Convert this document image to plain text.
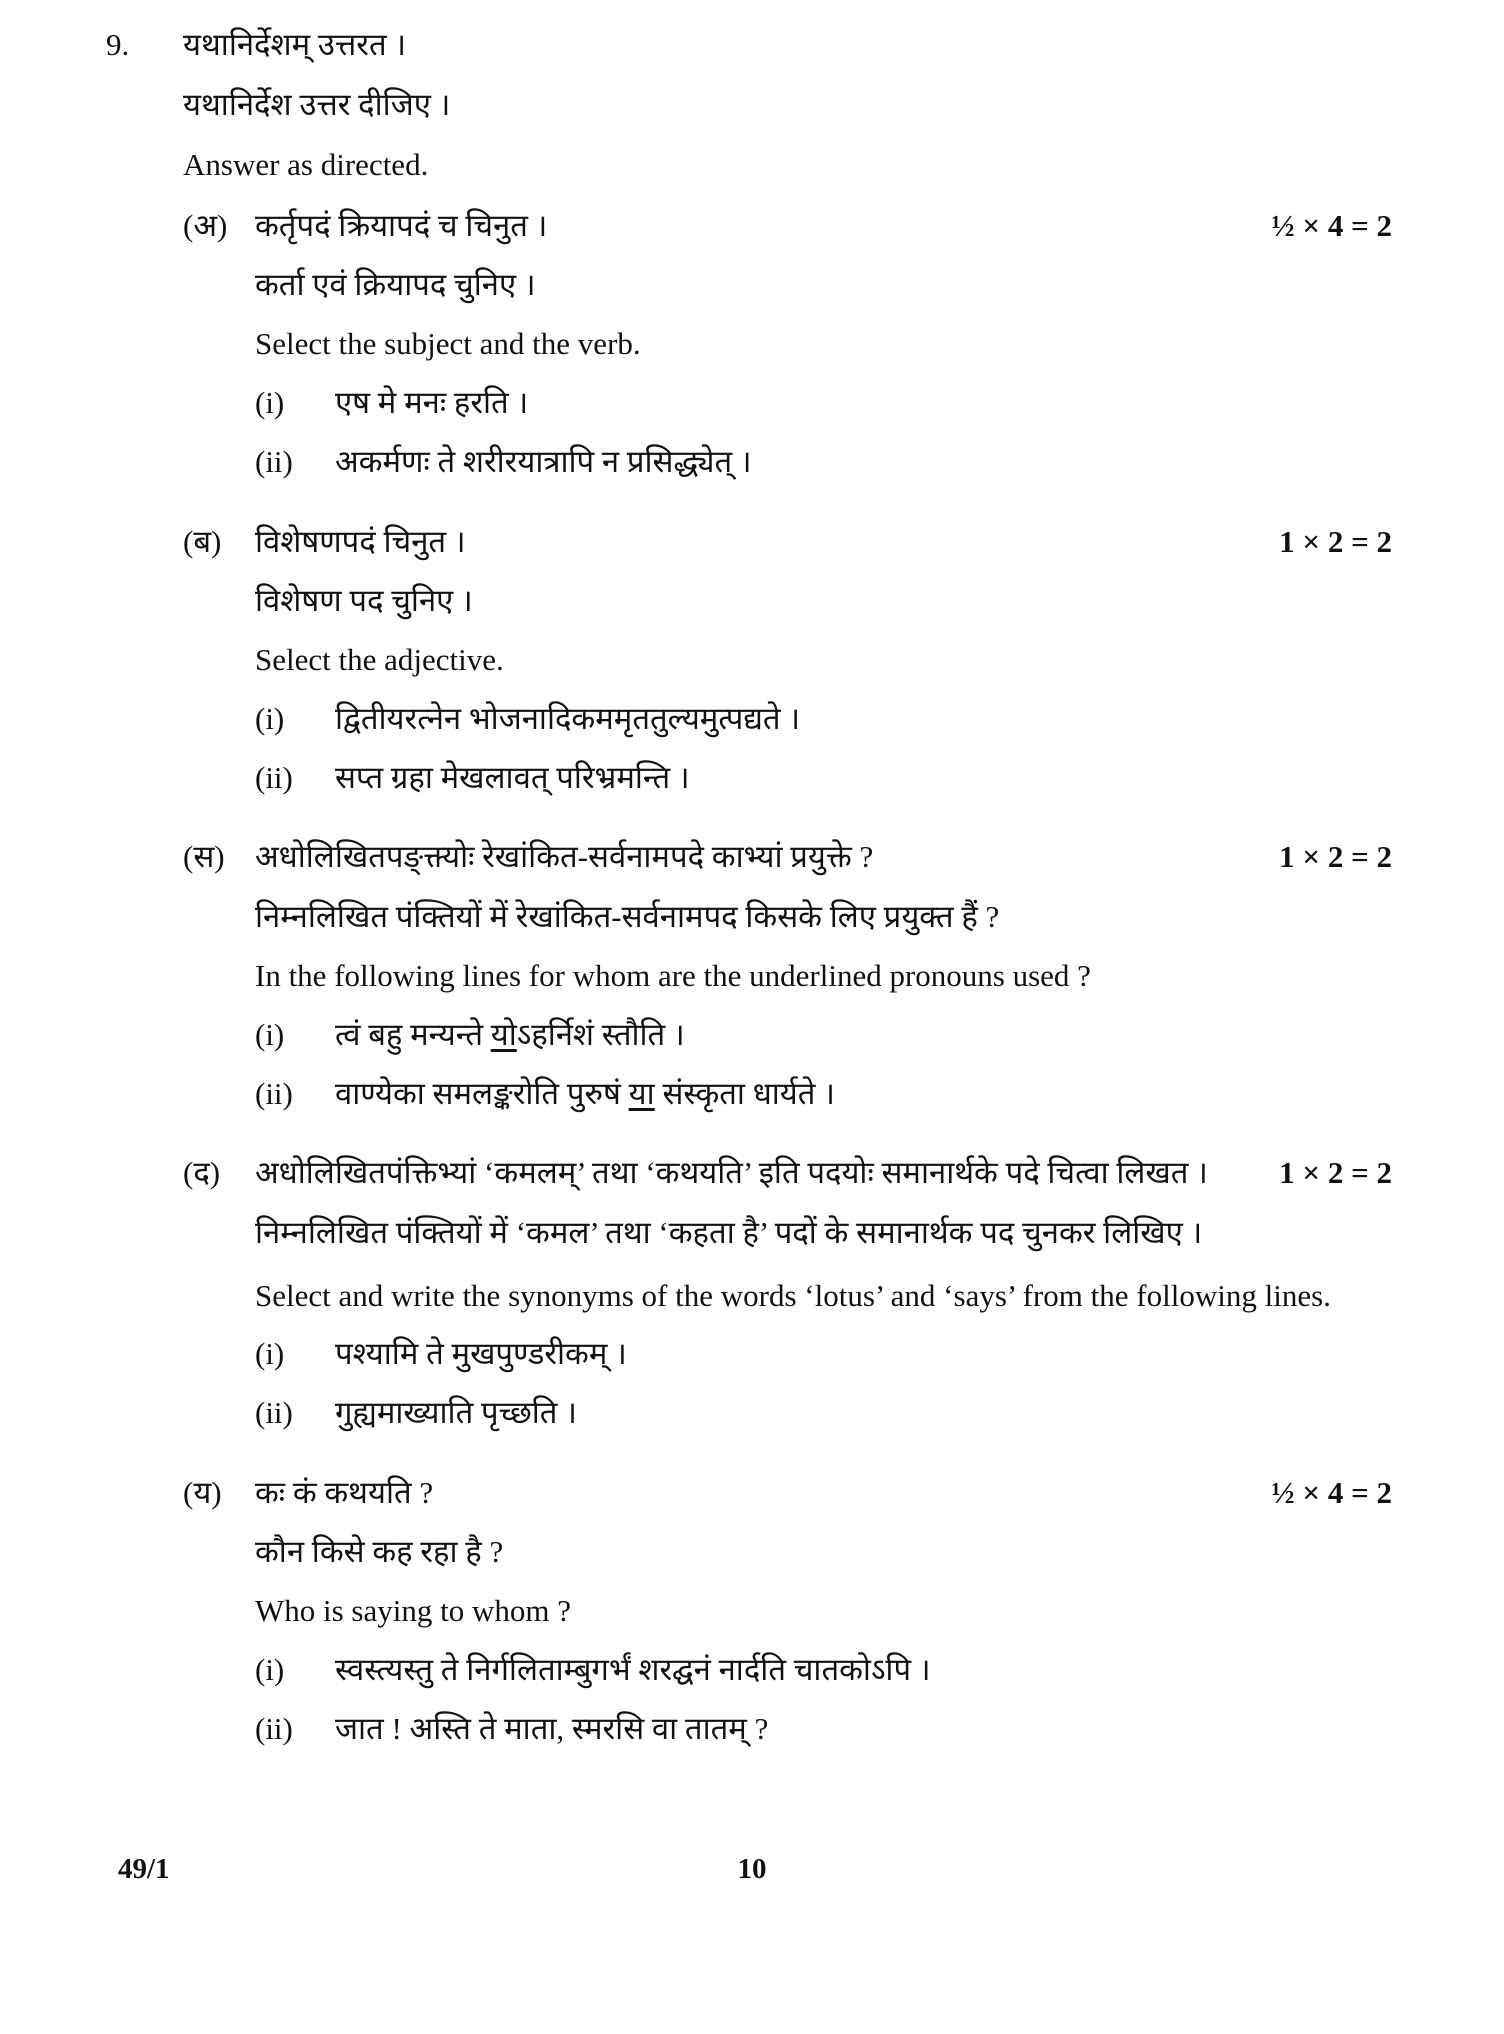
9.	यथानिर्देशम् उत्तरत ।

यथानिर्देश उत्तर दीजिए ।

Answer as directed.

(अ) कर्तृपदं क्रियापदं च चिनुत ।	½ × 4 = 2

कर्ता एवं क्रियापद चुनिए ।

Select the subject and the verb.

(i)	एष मे मनः हरति ।
(ii)	अकर्मणः ते शरीरयात्रापि न प्रसिद्ध्येत् ।
(ब)	विशेषणपदं चिनुत ।	1 × 2 = 2

विशेषण पद चुनिए ।

Select the adjective.

(i)	द्वितीयरत्नेन भोजनादिकममृततुल्यमुत्पद्यते ।
(ii)	सप्त ग्रहा मेखलावत् परिभ्रमन्ति ।
(स) अधोलिखितपङ्क्त्योः रेखांकित-सर्वनामपदे काभ्यां प्रयुक्ते ?	1 × 2 = 2

निम्नलिखित पंक्तियों में रेखांकित-सर्वनामपद किसके लिए प्रयुक्त हैं ?

In the following lines for whom are the underlined pronouns used ?

(i)	त्वं बहु मन्यन्ते योऽहर्निशं स्तौति ।
(ii)	वाण्येका समलङ्करोति पुरुषं या संस्कृता धार्यते ।
(द)	अधोलिखितपंक्तिभ्यां ‘कमलम्’ तथा ‘कथयति’ इति पदयोः समानार्थके पदे चित्वा लिखत ।	1 × 2 = 2

निम्नलिखित पंक्तियों में ‘कमल’ तथा ‘कहता है’ पदों के समानार्थक पद चुनकर लिखिए ।

Select and write the synonyms of the words ‘lotus’ and ‘says’ from the following lines.

(i)	पश्यामि ते मुखपुण्डरीकम् ।
(ii)	गुह्यमाख्याति पृच्छति ।
(य)	कः कं कथयति ?	½ × 4 = 2

कौन किसे कह रहा है ?

Who is saying to whom ?

(i)	स्वस्त्यस्तु ते निर्गलिताम्बुगर्भं शरद्घनं नार्दति चातकोऽपि ।
(ii)	जात ! अस्ति ते माता, स्मरसि वा तातम् ?
49/1	10
